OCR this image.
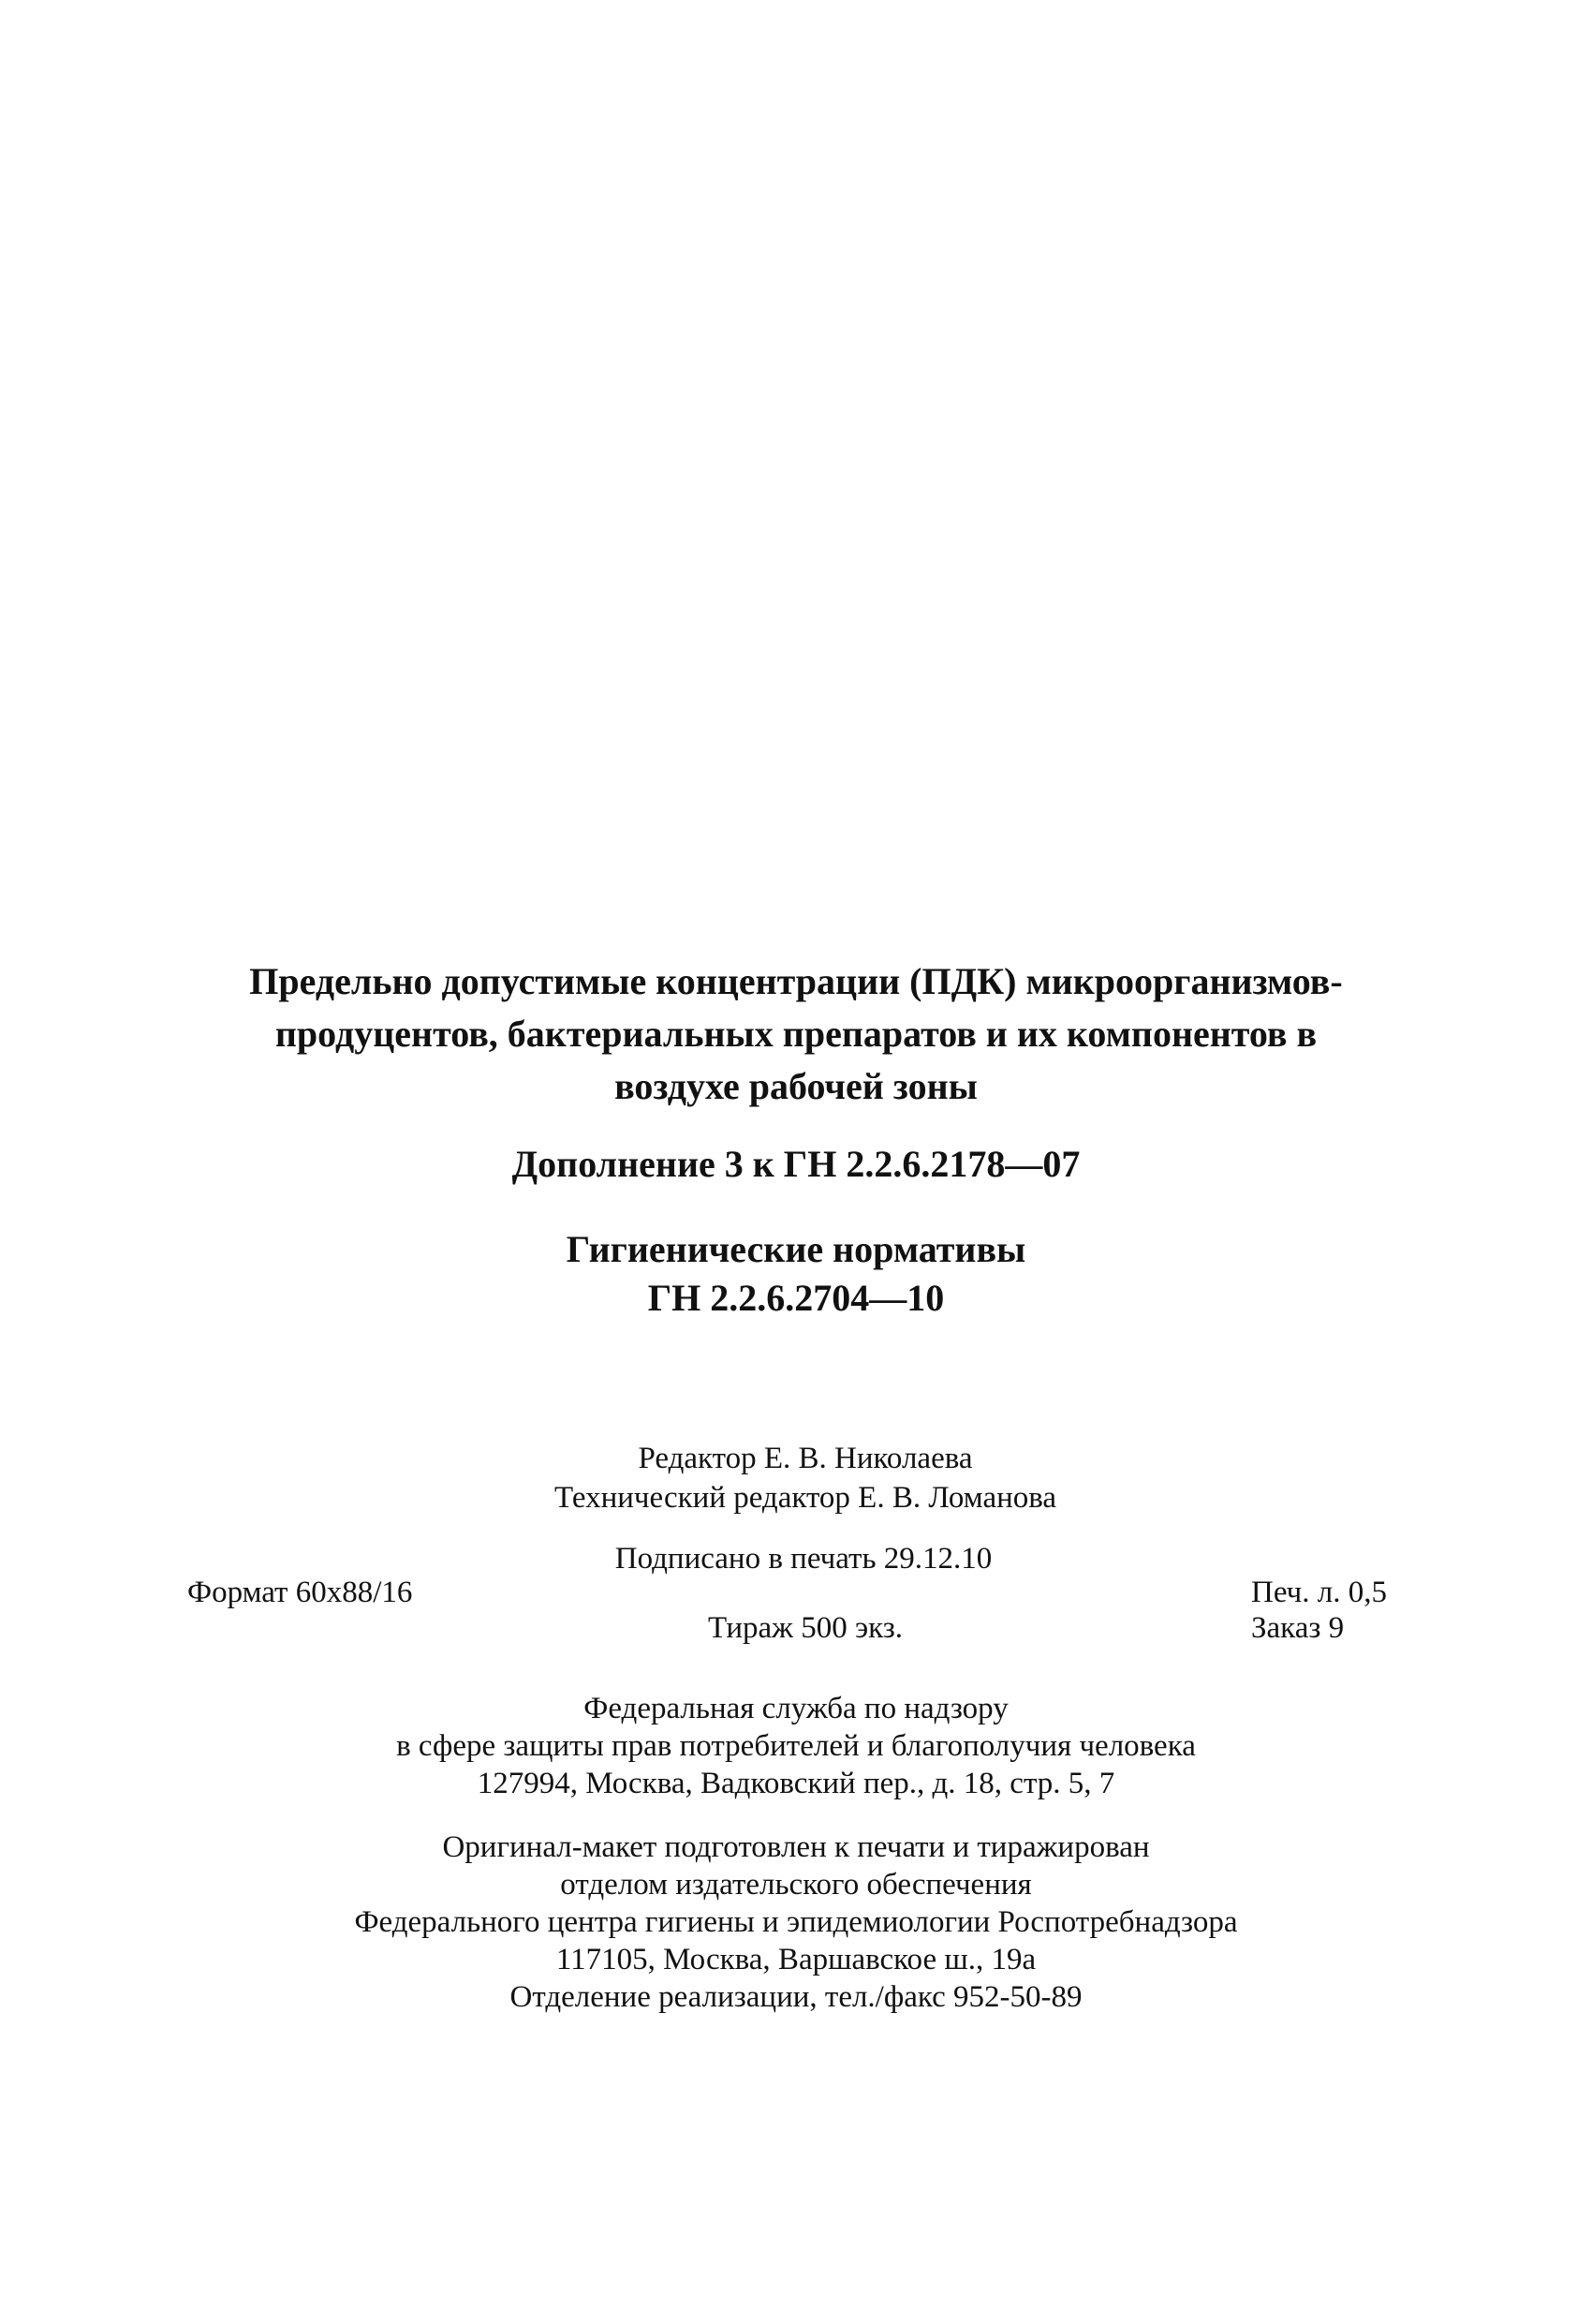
Предельно допустимые концентрации (ПДК) микроорганизмов-
продуцентов, бактериальных препаратов и их компонентов в
воздухе рабочей зоны
Дополнение 3 к ГН 2.2.6.2178—07
Гигиенические нормативы
ГН 2.2.6.2704—10
Редактор Е. В. Николаева
Технический редактор Е. В. Ломанова
Подписано в печать 29.12.10
Формат 60x88/16	Печ. л. 0,5
Тираж 500 экз.	Заказ 9
Федеральная служба по надзору
в сфере защиты прав потребителей и благополучия человека
127994, Москва, Вадковский пер., д. 18, стр. 5, 7
Оригинал-макет подготовлен к печати и тиражирован
отделом издательского обеспечения
Федерального центра гигиены и эпидемиологии Роспотребнадзора
117105, Москва, Варшавское ш., 19а
Отделение реализации, тел./факс 952-50-89
